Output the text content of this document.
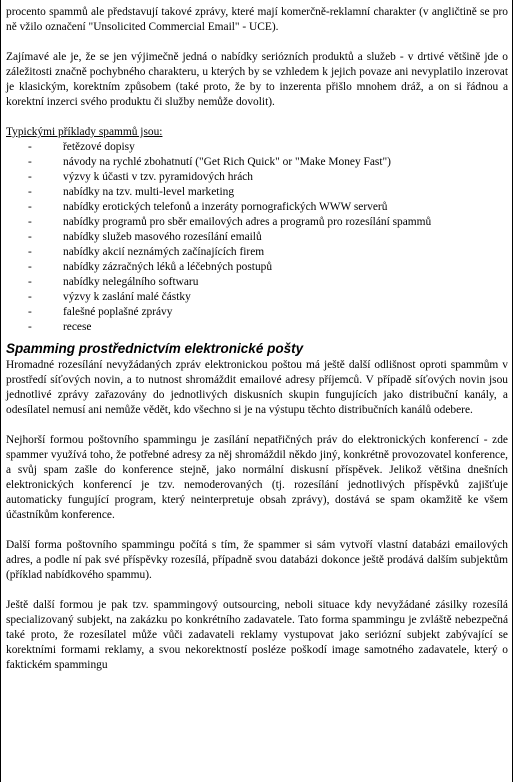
procento spammů ale představují takové zprávy, které mají komerčně-reklamní charakter (v angličtině se pro ně vžilo označení "Unsolicited Commercial Email" - UCE).

Zajímavé ale je, že se jen výjimečně jedná o nabídky seriózních produktů a služeb - v drtivé většině jde o záležitosti značně pochybného charakteru, u kterých by se vzhledem k jejich povaze ani nevyplatilo inzerovat je klasickým, korektním způsobem (také proto, že by to inzerenta přišlo mnohem dráž, a on si řádnou a korektní inzerci svého produktu či služby nemůže dovolit).

Typickými příklady spammů jsou:

-	řetězové dopisy
-	návody na rychlé zbohatnutí ("Get Rich Quick" or "Make Money Fast")
-	výzvy k účasti v tzv. pyramidových hrách
-	nabídky na tzv. multi-level marketing
-	nabídky erotických telefonů a inzeráty pornografických WWW serverů
-	nabídky programů pro sběr emailových adres a programů pro rozesílání spammů
-	nabídky služeb masového rozesílání emailů
-	nabídky akcií neznámých začínajících firem
-	nabídky zázračných léků a léčebných postupů
-	nabídky nelegálního softwaru
-	výzvy k zaslání malé částky
-	falešné poplašné zprávy
-	recese
Spamming prostřednictvím elektronické pošty

Hromadné rozesílání nevyžádaných zpráv elektronickou poštou má ještě další odlišnost oproti spammům v prostředí síťových novin, a to nutnost shromáždit emailové adresy příjemců. V případě síťových novin jsou jednotlivé zprávy zařazovány do jednotlivých diskusních skupin fungujících jako distribuční kanály, a odesílatel nemusí ani nemůže vědět, kdo všechno si je na výstupu těchto distribučních kanálů odebere.

Nejhorší formou poštovního spammingu je zasílání nepatřičných práv do elektronických konferencí - zde spammer využívá toho, že potřebné adresy za něj shromáždil někdo jiný, konkrétně provozovatel konference, a svůj spam zašle do konference stejně, jako normální diskusní příspěvek. Jelikož většina dnešních elektronických konferencí je tzv. nemoderovaných (tj. rozesílání jednotlivých příspěvků zajišťuje automaticky fungující program, který neinterpretuje obsah zprávy), dostává se spam okamžitě ke všem účastníkům konference.

Další forma poštovního spammingu počítá s tím, že spammer si sám vytvoří vlastní databázi emailových adres, a podle ní pak své příspěvky rozesílá, případně svou databázi dokonce ještě prodává dalším subjektům (příklad nabídkového spammu).

Ještě další formou je pak tzv. spammingový outsourcing, neboli situace kdy nevyžádané zásilky rozesílá specializovaný subjekt, na zakázku po konkrétního zadavatele. Tato forma spammingu je zvláště nebezpečná také proto, že rozesílatel může vůči zadavateli reklamy vystupovat jako seriózní subjekt zabývající se korektními formami reklamy, a svou nekorektností posléze poškodí image samotného zadavatele, který o faktickém spammingu
